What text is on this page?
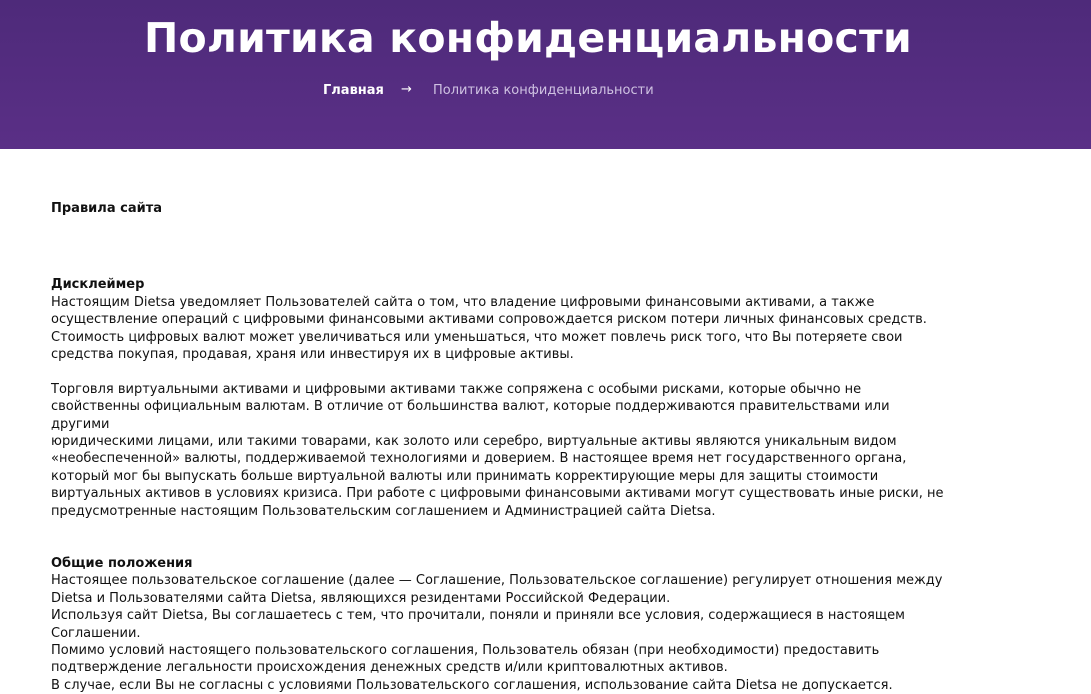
Политика конфиденциальности
Главная → Политика конфиденциальности

Правила сайта

Дисклеймер

Настоящим Dietsa уведомляет Пользователей сайта о том, что владение цифровыми финансовыми активами, а также

осуществление операций с цифровыми финансовыми активами сопровождается риском потери личных финансовых средств.

Стоимость цифровых валют может увеличиваться или уменьшаться, что может повлечь риск того, что Вы потеряете свои

средства покупая, продавая, храня или инвестируя их в цифровые активы.

Торговля виртуальными активами и цифровыми активами также сопряжена с особыми рисками, которые обычно не

свойственны официальным валютам. В отличие от большинства валют, которые поддерживаются правительствами или другими

юридическими лицами, или такими товарами, как золото или серебро, виртуальные активы являются уникальным видом

«необеспеченной» валюты, поддерживаемой технологиями и доверием. В настоящее время нет государственного органа,

который мог бы выпускать больше виртуальной валюты или принимать корректирующие меры для защиты стоимости

виртуальных активов в условиях кризиса. При работе с цифровыми финансовыми активами могут существовать иные риски, не

предусмотренные настоящим Пользовательским соглашением и Администрацией сайта Dietsa.

Общие положения

Настоящее пользовательское соглашение (далее — Соглашение, Пользовательское соглашение) регулирует отношения между

Dietsa и Пользователями сайта Dietsa, являющихся резидентами Российской Федерации.

Используя сайт Dietsa, Вы соглашаетесь с тем, что прочитали, поняли и приняли все условия, содержащиеся в настоящем

Соглашении.

Помимо условий настоящего пользовательского соглашения, Пользователь обязан (при необходимости) предоставить

подтверждение легальности происхождения денежных средств и/или криптовалютных активов.

В случае, если Вы не согласны с условиями Пользовательского соглашения, использование сайта Dietsa не допускается.
